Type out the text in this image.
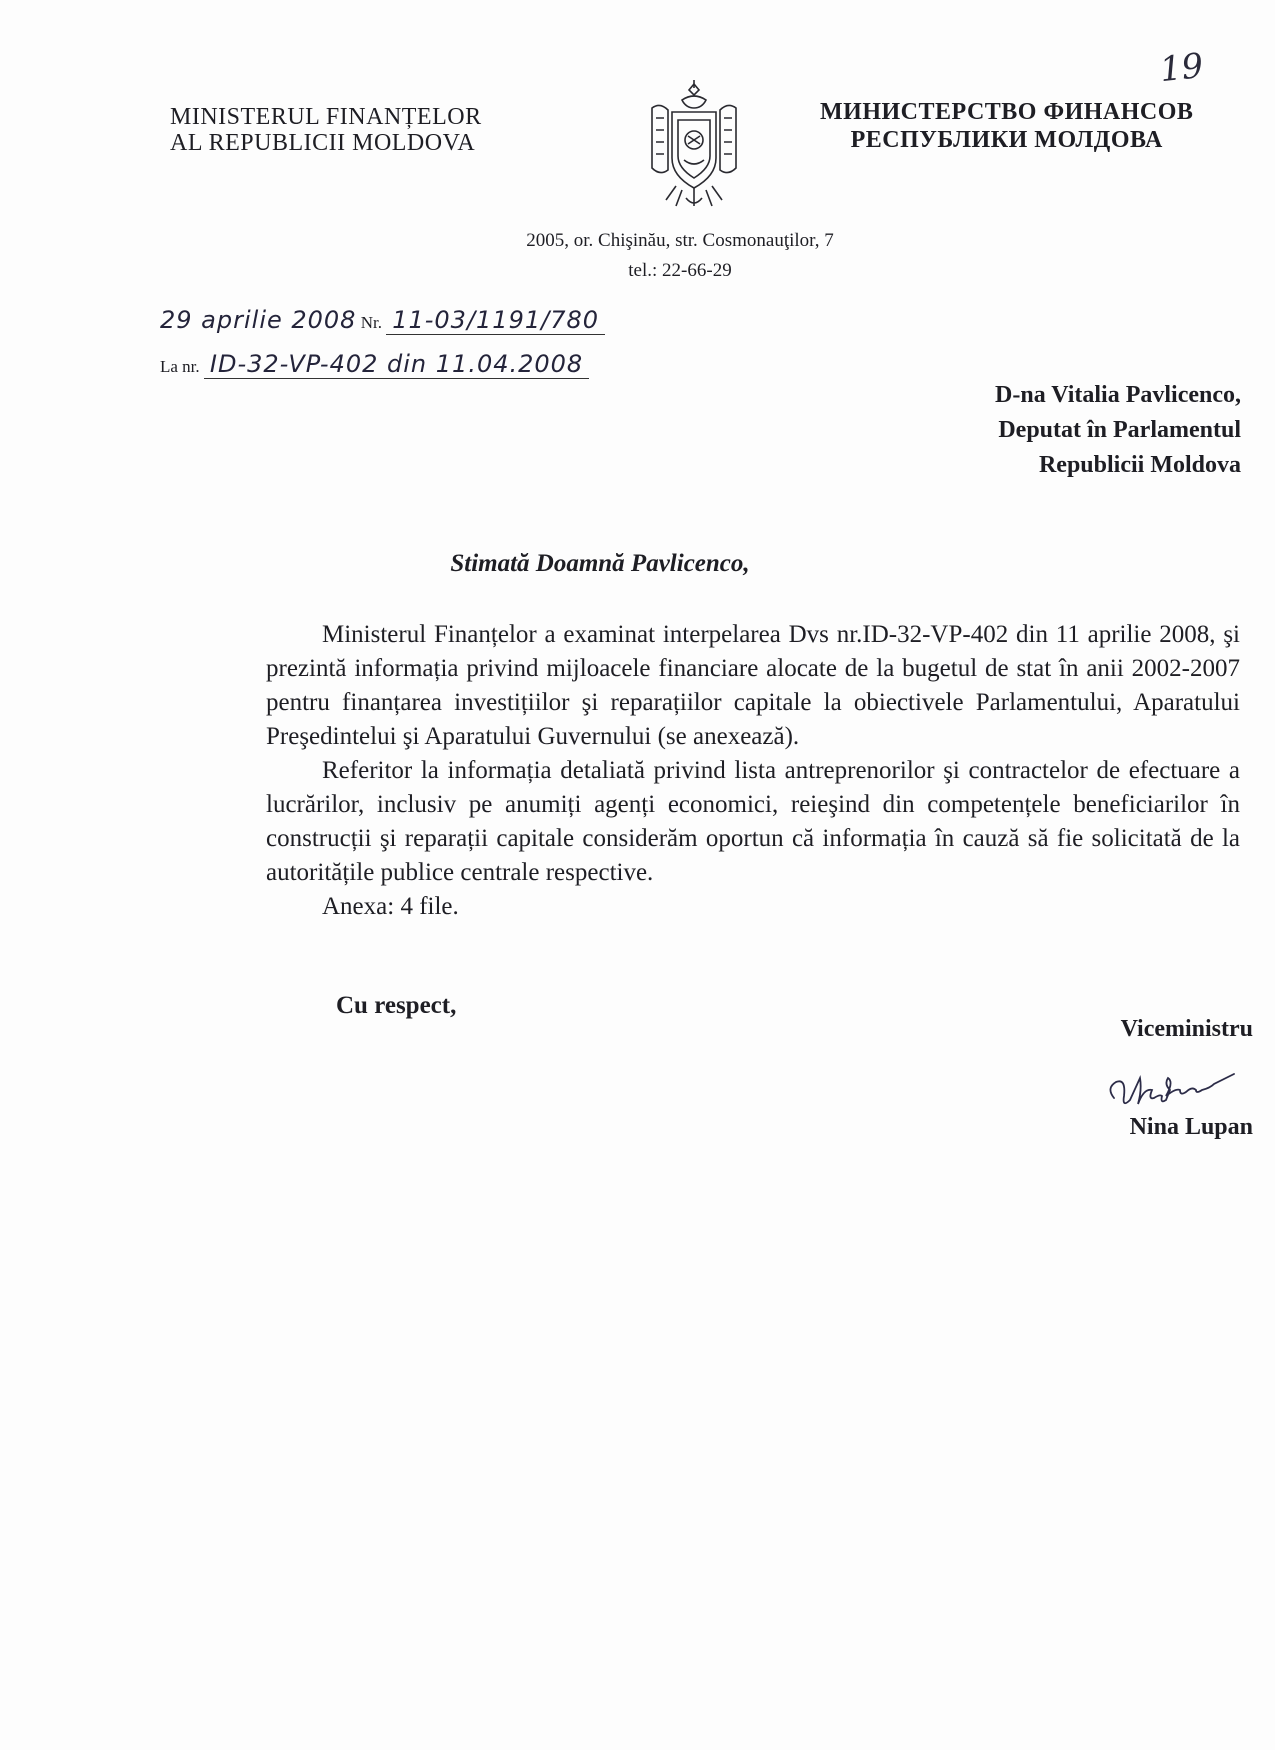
19
MINISTERUL FINANȚELOR
AL REPUBLICII MOLDOVA
МИНИСТЕРСТВО ФИНАНСОВ
РЕСПУБЛИКИ МОЛДОВА
2005, or. Chişinău, str. Cosmonauţilor, 7
tel.: 22-66-29
29 aprilie 2008 Nr. 11-03/1191/780
La nr. ID-32-VP-402 din 11.04.2008
D-na Vitalia Pavlicenco,
Deputat în Parlamentul
Republicii Moldova
Stimată Doamnă Pavlicenco,

Ministerul Finanțelor a examinat interpelarea Dvs nr.ID-32-VP-402 din 11 aprilie 2008, şi prezintă informația privind mijloacele financiare alocate de la bugetul de stat în anii 2002-2007 pentru finanțarea investițiilor şi reparațiilor capitale la obiectivele Parlamentului, Aparatului Preşedintelui şi Aparatului Guvernului (se anexează).

Referitor la informația detaliată privind lista antreprenorilor şi contractelor de efectuare a lucrărilor, inclusiv pe anumiți agenți economici, reieşind din competențele beneficiarilor în construcții şi reparații capitale considerăm oportun că informația în cauză să fie solicitată de la autoritățile publice centrale respective.

Anexa: 4 file.

Cu respect,
Viceministru
Nina Lupan
